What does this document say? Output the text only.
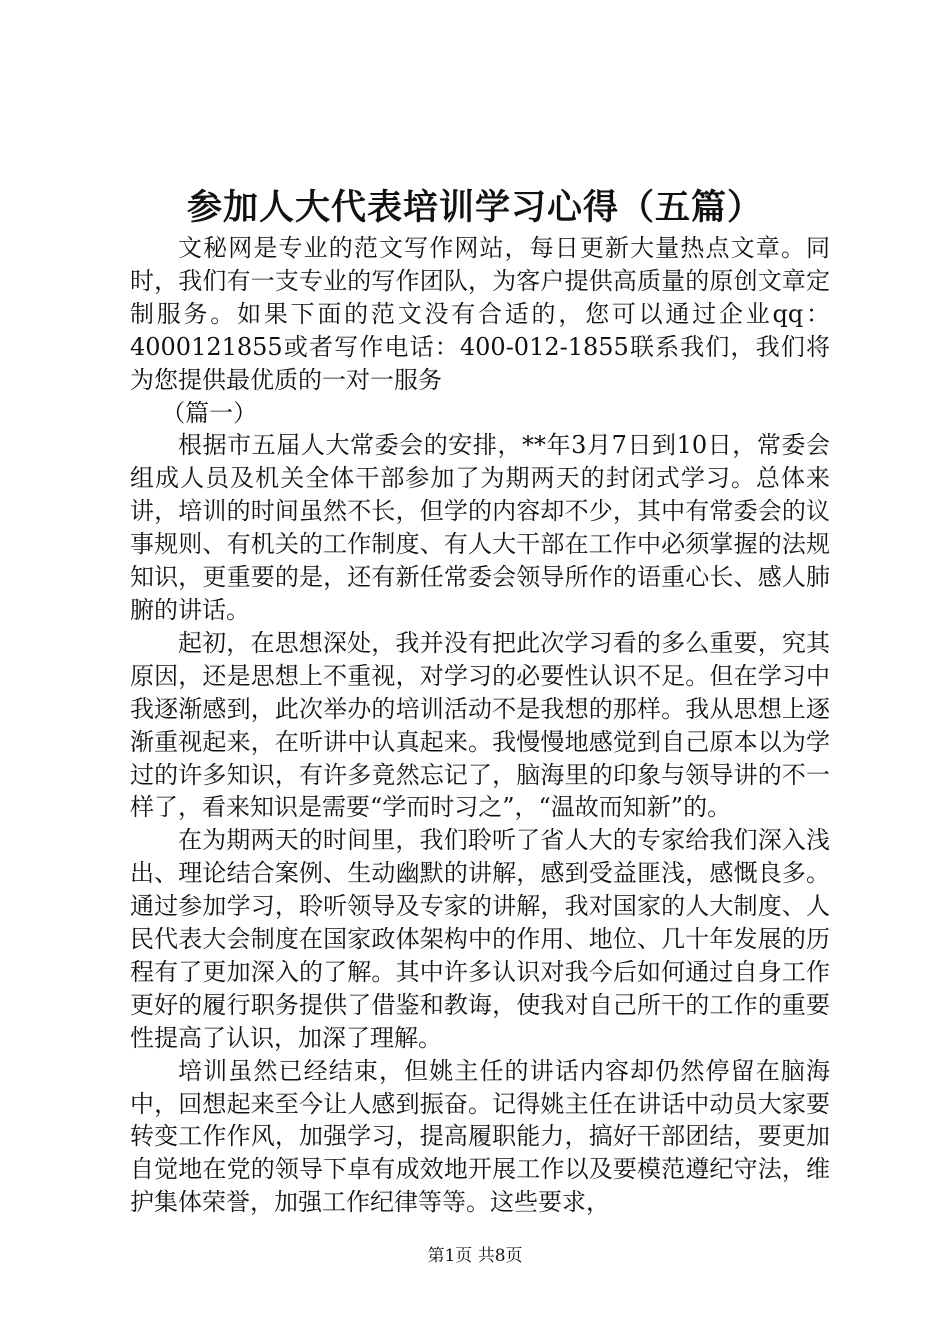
参加人大代表培训学习心得（五篇）

文秘网是专业的范文写作网站，每日更新大量热点文章。同时，我们有一支专业的写作团队，为客户提供高质量的原创文章定制服务。如果下面的范文没有合适的，您可以通过企业qq：4000121855或者写作电话：400-012-1855联系我们，我们将为您提供最优质的一对一服务

（篇一）

根据市五届人大常委会的安排，**年3月7日到10日，常委会组成人员及机关全体干部参加了为期两天的封闭式学习。总体来讲，培训的时间虽然不长，但学的内容却不少，其中有常委会的议事规则、有机关的工作制度、有人大干部在工作中必须掌握的法规知识，更重要的是，还有新任常委会领导所作的语重心长、感人肺腑的讲话。

起初，在思想深处，我并没有把此次学习看的多么重要，究其原因，还是思想上不重视，对学习的必要性认识不足。但在学习中我逐渐感到，此次举办的培训活动不是我想的那样。我从思想上逐渐重视起来，在听讲中认真起来。我慢慢地感觉到自己原本以为学过的许多知识，有许多竟然忘记了，脑海里的印象与领导讲的不一样了，看来知识是需要“学而时习之”，“温故而知新”的。

在为期两天的时间里，我们聆听了省人大的专家给我们深入浅出、理论结合案例、生动幽默的讲解，感到受益匪浅，感慨良多。通过参加学习，聆听领导及专家的讲解，我对国家的人大制度、人民代表大会制度在国家政体架构中的作用、地位、几十年发展的历程有了更加深入的了解。其中许多认识对我今后如何通过自身工作更好的履行职务提供了借鉴和教诲，使我对自己所干的工作的重要性提高了认识，加深了理解。

培训虽然已经结束，但姚主任的讲话内容却仍然停留在脑海中，回想起来至今让人感到振奋。记得姚主任在讲话中动员大家要转变工作作风，加强学习，提高履职能力，搞好干部团结，要更加自觉地在党的领导下卓有成效地开展工作以及要模范遵纪守法，维护集体荣誉，加强工作纪律等等。这些要求，

第1页 共8页
